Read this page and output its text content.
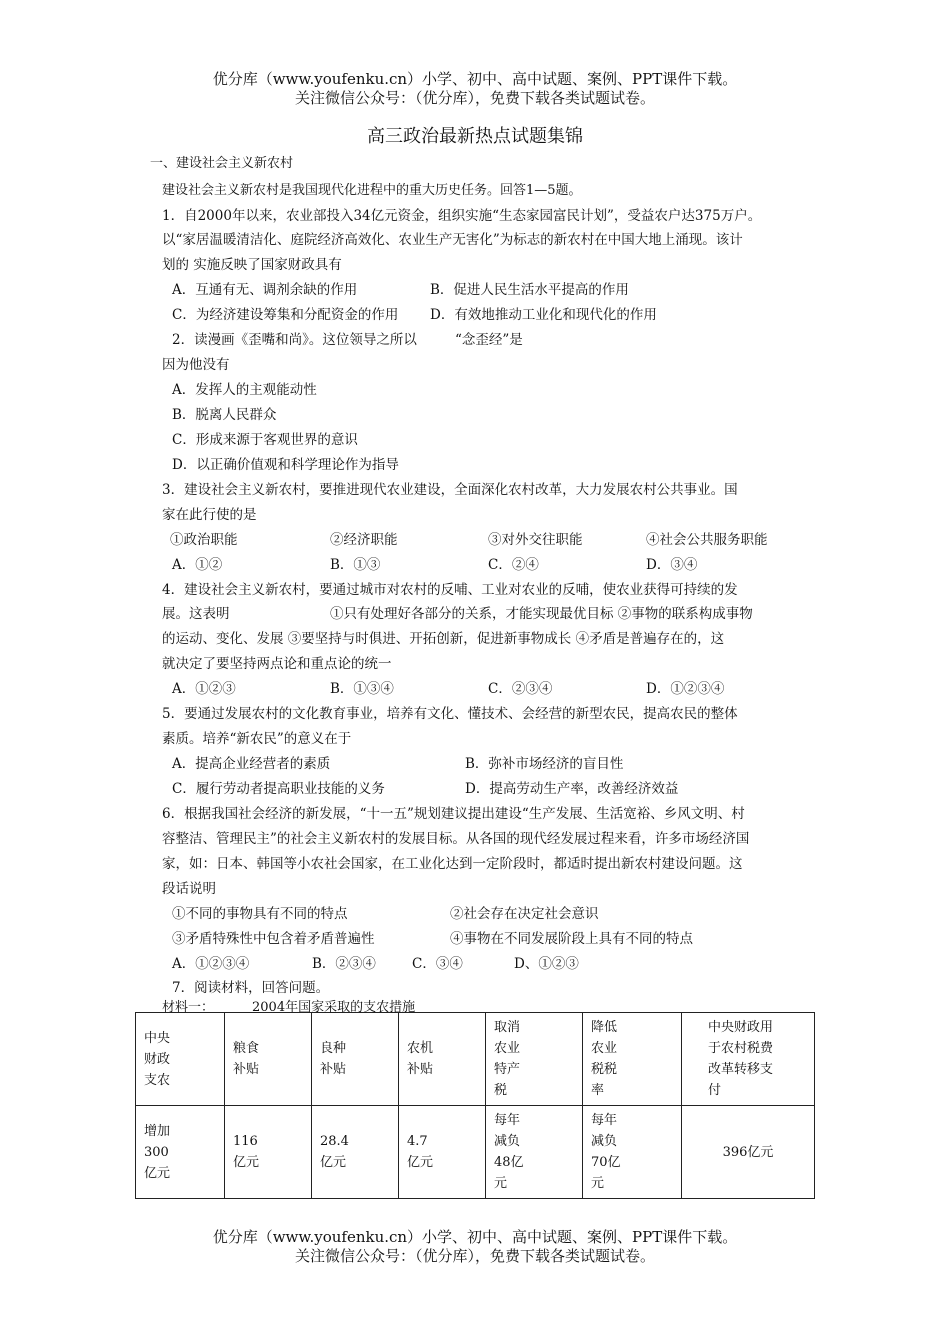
优分库（www.youfenku.cn）小学、初中、高中试题、案例、PPT课件下载。
关注微信公众号：（优分库），免费下载各类试题试卷。
高三政治最新热点试题集锦
一、建设社会主义新农村
建设社会主义新农村是我国现代化进程中的重大历史任务。回答1—5题。
1．自2000年以来，农业部投入34亿元资金，组织实施“生态家园富民计划”，受益农户达375万户。
以“家居温暖清洁化、庭院经济高效化、农业生产无害化”为标志的新农村在中国大地上涌现。该计
划的 实施反映了国家财政具有
A．互通有无、调剂余缺的作用	B．促进人民生活水平提高的作用
C．为经济建设筹集和分配资金的作用 D．有效地推动工业化和现代化的作用
2．读漫画《歪嘴和尚》。这位领导之所以	“念歪经”是
因为他没有
A．发挥人的主观能动性
B．脱离人民群众
C．形成来源于客观世界的意识
D．以正确价值观和科学理论作为指导
3．建设社会主义新农村，要推进现代农业建设，全面深化农村改革，大力发展农村公共事业。国
家在此行使的是
①政治职能	②经济职能	③对外交往职能	④社会公共服务职能
A．①②	B．①③	C．②④	D．③④
4．建设社会主义新农村，要通过城市对农村的反哺、工业对农业的反哺，使农业获得可持续的发
展。这表明	①只有处理好各部分的关系，才能实现最优目标 ②事物的联系构成事物
的运动、变化、发展 ③要坚持与时俱进、开拓创新，促进新事物成长 ④矛盾是普遍存在的，这
就决定了要坚持两点论和重点论的统一
A．①②③	B．①③④	C．②③④	D．①②③④
5．要通过发展农村的文化教育事业，培养有文化、懂技术、会经营的新型农民，提高农民的整体
素质。培养“新农民”的意义在于
A．提高企业经营者的素质	B．弥补市场经济的盲目性
C．履行劳动者提高职业技能的义务	D．提高劳动生产率，改善经济效益
6．根据我国社会经济的新发展，“十一五”规划建议提出建设“生产发展、生活宽裕、乡风文明、村
容整洁、管理民主”的社会主义新农村的发展目标。从各国的现代经发展过程来看，许多市场经济国
家，如：日本、韩国等小农社会国家，在工业化达到一定阶段时，都适时提出新农村建设问题。这
段话说明
①不同的事物具有不同的特点	②社会存在决定社会意识
③矛盾特殊性中包含着矛盾普遍性	④事物在不同发展阶段上具有不同的特点
A．①②③④	B．②③④	C．③④	D、①②③
7．阅读材料，回答问题。
材料一：	2004年国家采取的支农措施
中央
财政
支农	粮食
补贴	良种
补贴	农机
补贴	取消
农业
特产
税	降低
农业
税税
率	中央财政用
于农村税费
改革转移支
付

增加
300
亿元	116
亿元	28.4
亿元	4.7
亿元	每年
减负
48亿
元	每年
减负
70亿
元	396亿元
优分库（www.youfenku.cn）小学、初中、高中试题、案例、PPT课件下载。
关注微信公众号：（优分库），免费下载各类试题试卷。
